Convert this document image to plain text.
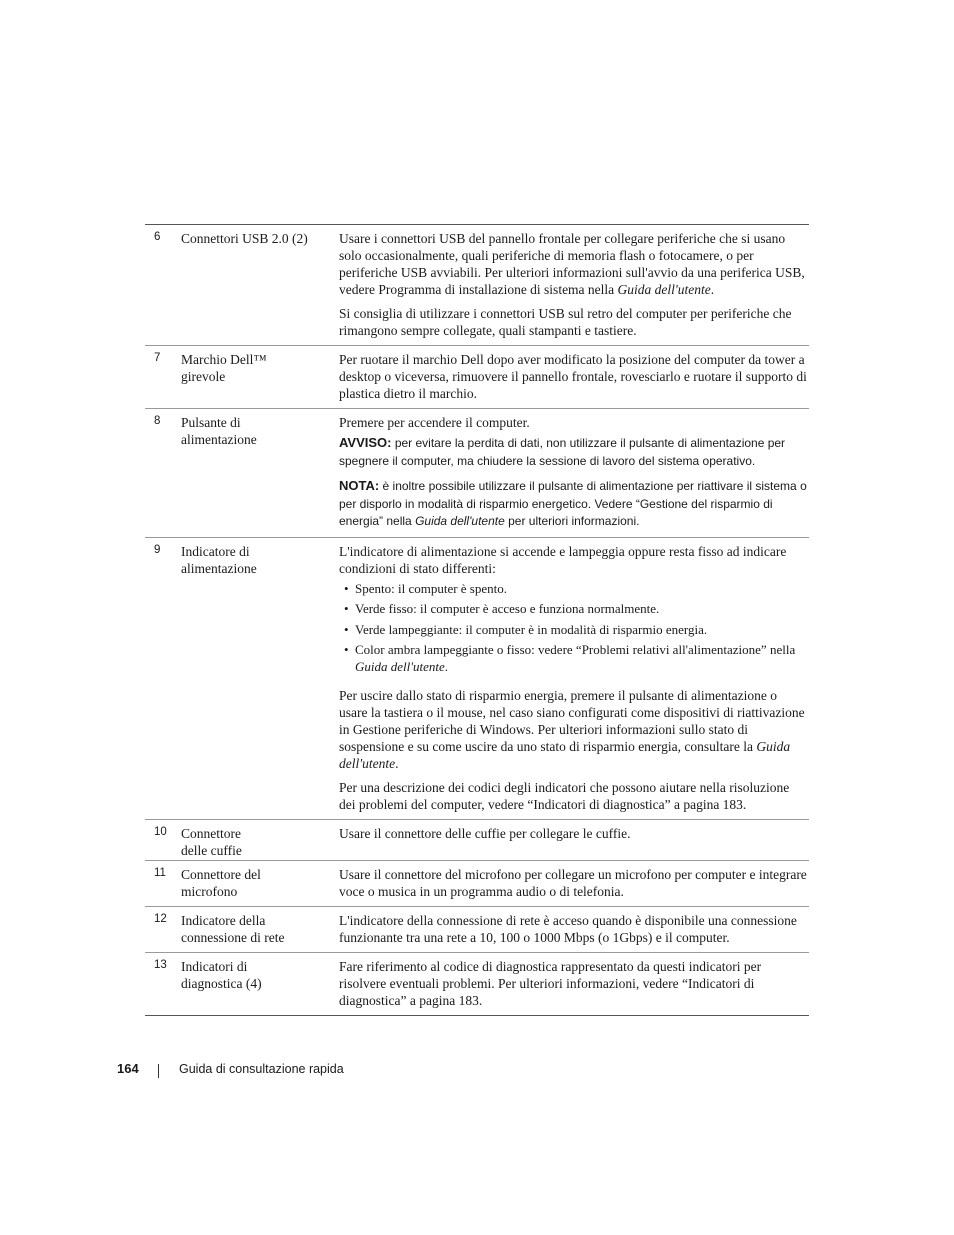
6 Connettori USB 2.0 (2)	Usare i connettori USB del pannello frontale per collegare periferiche che si usano solo occasionalmente, quali periferiche di memoria flash o fotocamere, o per periferiche USB avviabili. Per ulteriori informazioni sull'avvio da una periferica USB, vedere Programma di installazione di sistema nella Guida dell'utente.

Si consiglia di utilizzare i connettori USB sul retro del computer per periferiche che rimangono sempre collegate, quali stampanti e tastiere.

7 Marchio Dell™ girevole

Per ruotare il marchio Dell dopo aver modificato la posizione del computer da tower a desktop o viceversa, rimuovere il pannello frontale, rovesciarlo e ruotare il supporto di plastica dietro il marchio.

8 Pulsante di alimentazione

Premere per accendere il computer.

AVVISO: per evitare la perdita di dati, non utilizzare il pulsante di alimentazione per spegnere il computer, ma chiudere la sessione di lavoro del sistema operativo.

NOTA: è inoltre possibile utilizzare il pulsante di alimentazione per riattivare il sistema o per disporlo in modalità di risparmio energetico. Vedere “Gestione del risparmio di energia” nella Guida dell'utente per ulteriori informazioni.

9 Indicatore di alimentazione

L'indicatore di alimentazione si accende e lampeggia oppure resta fisso ad indicare condizioni di stato differenti:

• Spento: il computer è spento.
• Verde fisso: il computer è acceso e funziona normalmente.
• Verde lampeggiante: il computer è in modalità di risparmio energia.
• Color ambra lampeggiante o fisso: vedere “Problemi relativi all'alimentazione” nella Guida dell'utente.

Per uscire dallo stato di risparmio energia, premere il pulsante di alimentazione o usare la tastiera o il mouse, nel caso siano configurati come dispositivi di riattivazione in Gestione periferiche di Windows. Per ulteriori informazioni sullo stato di sospensione e su come uscire da uno stato di risparmio energia, consultare la Guida dell'utente.

Per una descrizione dei codici degli indicatori che possono aiutare nella risoluzione dei problemi del computer, vedere “Indicatori di diagnostica” a pagina 183.

10 Connettore delle cuffie

Usare il connettore delle cuffie per collegare le cuffie.

11 Connettore del microfono

Usare il connettore del microfono per collegare un microfono per computer e integrare voce o musica in un programma audio o di telefonia.

12 Indicatore della connessione di rete

L'indicatore della connessione di rete è acceso quando è disponibile una connessione funzionante tra una rete a 10, 100 o 1000 Mbps (o 1Gbps) e il computer.

13 Indicatori di diagnostica (4)

Fare riferimento al codice di diagnostica rappresentato da questi indicatori per risolvere eventuali problemi. Per ulteriori informazioni, vedere “Indicatori di diagnostica” a pagina 183.

164	Guida di consultazione rapida
